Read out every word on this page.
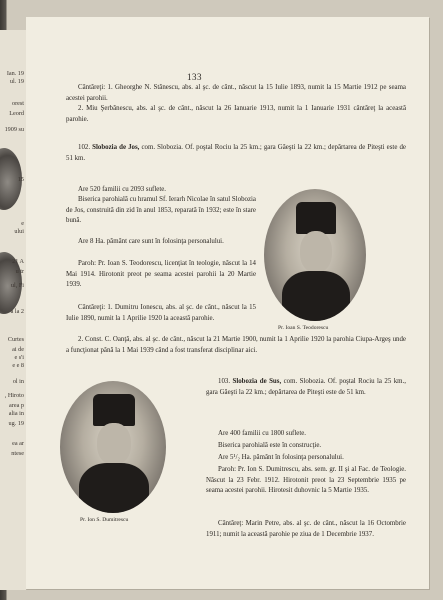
Ian. 19
ul. 19
orest
Leord
1909 su
15
e
ului
21 A
u tr
ul, Fi
a la 2
Curtes
ai de
e s'i
e e 8
ol in
, Hiroto
area p
alia in
ug. 19
ea ar
ntese
133
Cântăreţi: 1. Gheorghe N. Stănescu, abs. al şc. de cânt., născut la 15 Iulie 1893, numit la 15 Martie 1912 pe seama acestei parohii.
2. Miu Şerbănescu, abs. al şc. de cânt., născut la 26 Ianuarie 1913, numit la 1 Ianuarie 1931 cântăreţ la această parohie.
102. Slobozia de Jos, com. Slobozia. Of. poştal Rociu la 25 km.; gara Găeşti la 22 km.; depărtarea de Piteşti este de 51 km.
Are 520 familii cu 2093 suflete.
Biserica parohială cu hramul Sf. Ierarh Nicolae în satul Slobozia de Jos, construită din zid în anul 1853, reparată în 1932; este în stare bună.
Are 8 Ha. pământ care sunt în folosinţa personalului.
Paroh: Pr. Ioan S. Teodorescu, licenţiat în teologie, născut la 14 Mai 1914. Hirotonit preot pe seama acestei parohii la 20 Martie 1939.
Cântăreţi: 1. Dumitru Ionescu, abs. al şc. de cânt., născut la 15 Iulie 1890, numit la 1 Aprilie 1920 la această parohie.
2. Const. C. Oanţă, abs. al şc. de cânt., născut la 21 Martie 1900, numit la 1 Aprilie 1920 la parohia Ciupa-Argeş unde a funcţionat până la 1 Mai 1939 când a fost transferat disciplinar aici.
Pr. Ioan S. Teodorescu
103. Slobozia de Sus, com. Slobozia. Of. poştal Rociu la 25 km., gara Găeşti la 22 km.; depărtarea de Piteşti este de 51 km.
Are 400 familii cu 1800 suflete.
Biserica parohială este în construcţie.
Are 5¹/₂ Ha. pământ în folosinţa personalului.
Paroh: Pr. Ion S. Dumitrescu, abs. sem. gr. II şi al Fac. de Teologie. Născut la 23 Febr. 1912. Hirotonit preot la 23 Septembrie 1935 pe seama acestei parohii. Hirotesit duhovnic la 5 Martie 1935.
Cântăreţ: Marin Petre, abs. al şc. de cânt., născut la 16 Octombrie 1911; numit la această parohie pe ziua de 1 Decembrie 1937.
Pr. Ion S. Dumitrescu
